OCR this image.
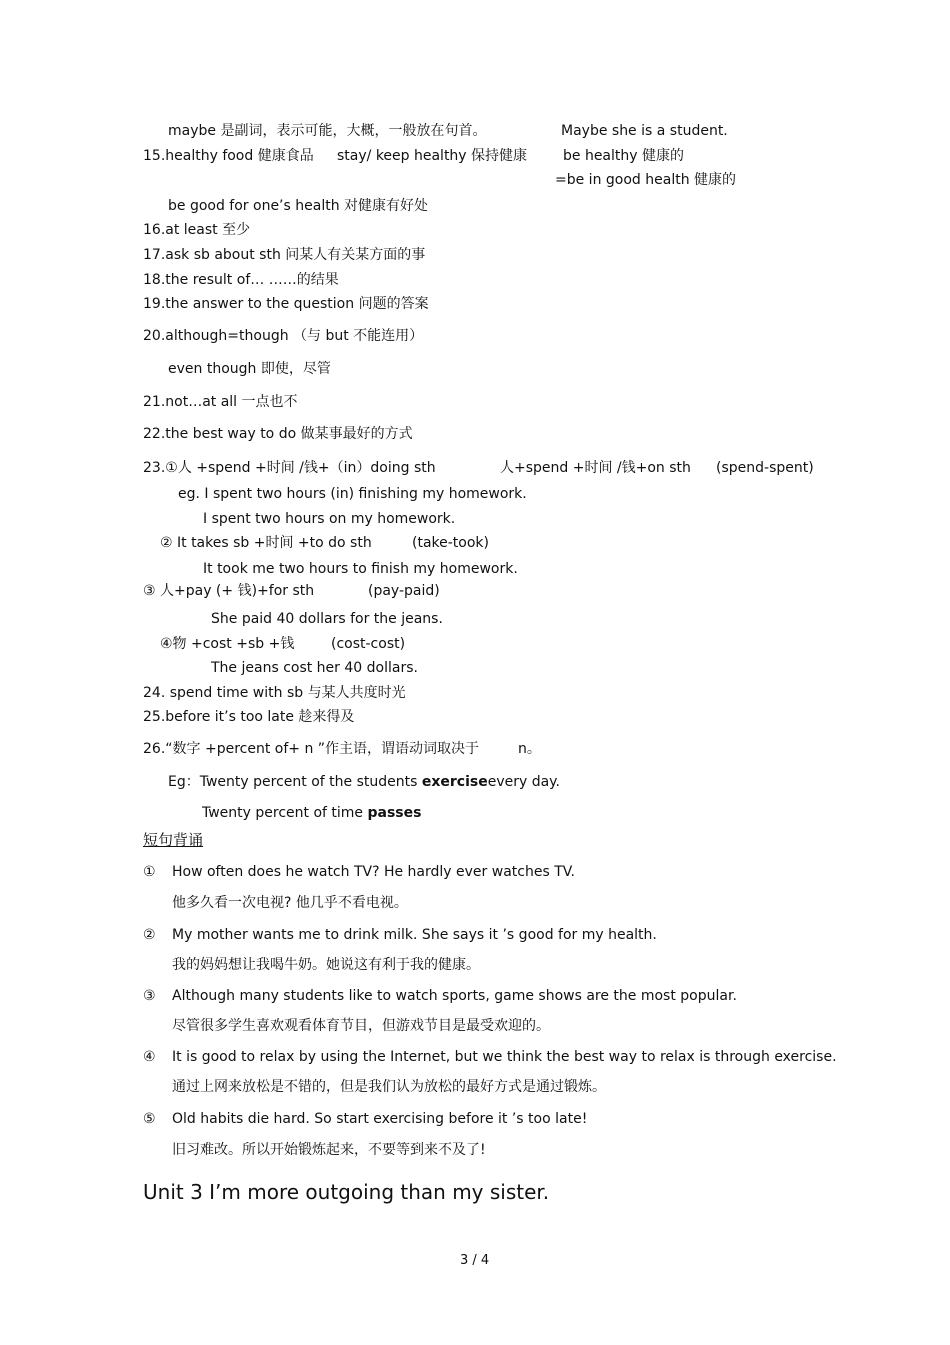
maybe 是副词，表示可能，大概，一般放在句首。	Maybe she is a student.
15.healthy food 健康食品 stay/ keep healthy 保持健康	be healthy 健康的
=be in good health 健康的
be good for one’s health 对健康有好处
16.at least 至少
17.ask sb about sth 问某人有关某方面的事
18.the result of… ……的结果
19.the answer to the question 问题的答案
20.although=though （与 but 不能连用）
even though 即使，尽管
21.not…at all 一点也不
22.the best way to do 做某事最好的方式
23.①人 +spend +时间 /钱+（in）doing sth	人+spend +时间 /钱+on sth (spend-spent)
eg. I spent two hours (in) finishing my homework.
I spent two hours on my homework.
② It takes sb +时间 +to do sth	(take-took)
It took me two hours to finish my homework.
③ 人+pay (+ 钱)+for sth	(pay-paid)
She paid 40 dollars for the jeans.
④物 +cost +sb +钱	(cost-cost)
The jeans cost her 40 dollars.
24. spend time with sb 与某人共度时光
25.before it’s too late 趁来得及
26.“数字 +percent of+ n ”作主语，谓语动词取决于	n。
Eg：Twenty percent of the students exerciseevery day.
Twenty percent of time passes
短句背诵
① How often does he watch TV? He hardly ever watches TV.
他多久看一次电视? 他几乎不看电视。
② My mother wants me to drink milk. She says it ’s good for my health.
我的妈妈想让我喝牛奶。她说这有利于我的健康。
③ Although many students like to watch sports, game shows are the most popular.
尽管很多学生喜欢观看体育节目，但游戏节目是最受欢迎的。
④ It is good to relax by using the Internet, but we think the best way to relax is through exercise.
通过上网来放松是不错的，但是我们认为放松的最好方式是通过锻炼。
⑤ Old habits die hard. So start exercising before it ’s too late!
旧习难改。所以开始锻炼起来，不要等到来不及了!
Unit 3 I’m more outgoing than my sister.
3 / 4
